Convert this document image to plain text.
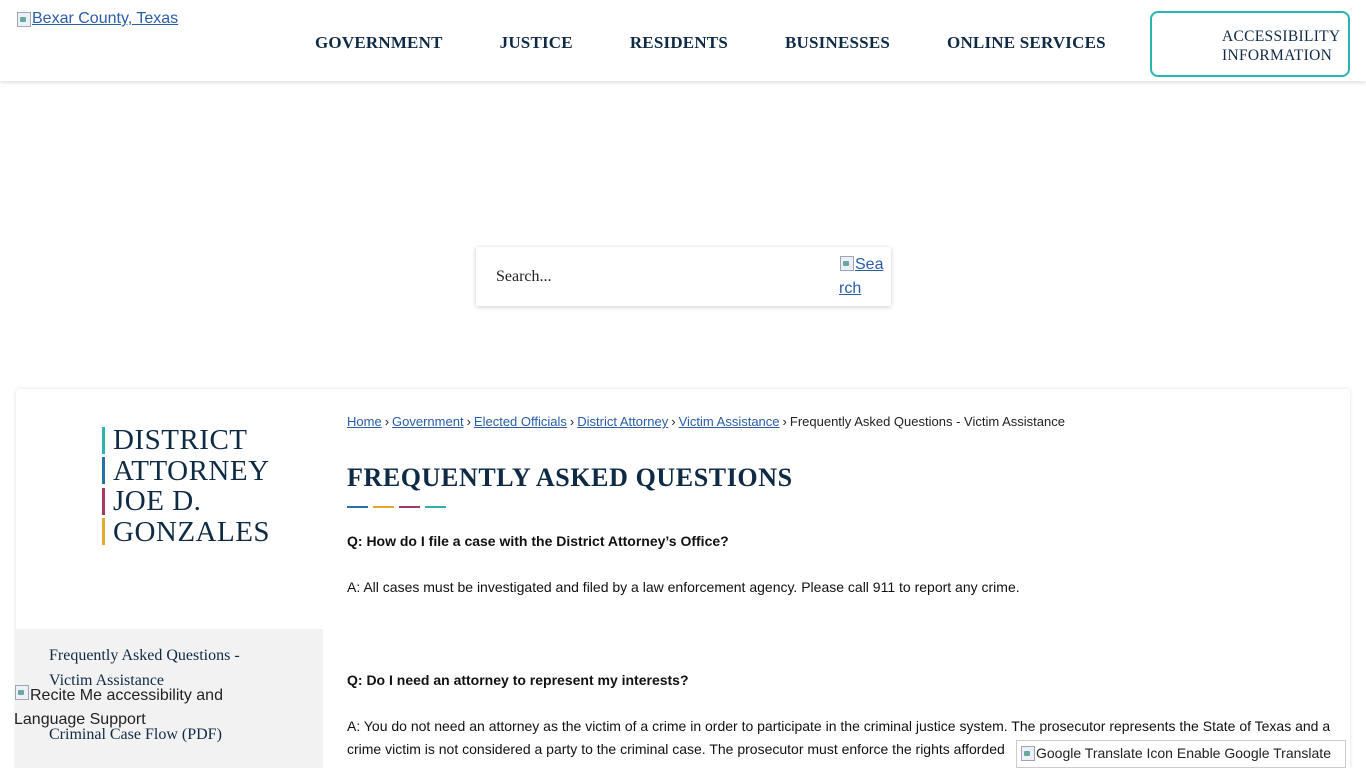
Bexar County, Texas
GOVERNMENT	JUSTICE	RESIDENTS	BUSINESSES	ONLINE SERVICES	ACCESSIBILITY
INFORMATION
Search...
Sea
rch
DISTRICT
ATTORNEY
JOE D.
GONZALES
Frequently Asked Questions - Victim Assistance
Criminal Case Flow (PDF)
Recite Me accessibility and Language Support
Home › Government › Elected Officials › District Attorney › Victim Assistance › Frequently Asked Questions - Victim Assistance
FREQUENTLY ASKED QUESTIONS
Q: How do I file a case with the District Attorney’s Office?
A: All cases must be investigated and filed by a law enforcement agency. Please call 911 to report any crime.
Q: Do I need an attorney to represent my interests?
A: You do not need an attorney as the victim of a crime in order to participate in the criminal justice system. The prosecutor represents the State of Texas and a crime victim is not considered a party to the criminal case. The prosecutor must enforce the rights afforded	Google Translate Icon Enable Google Translate
